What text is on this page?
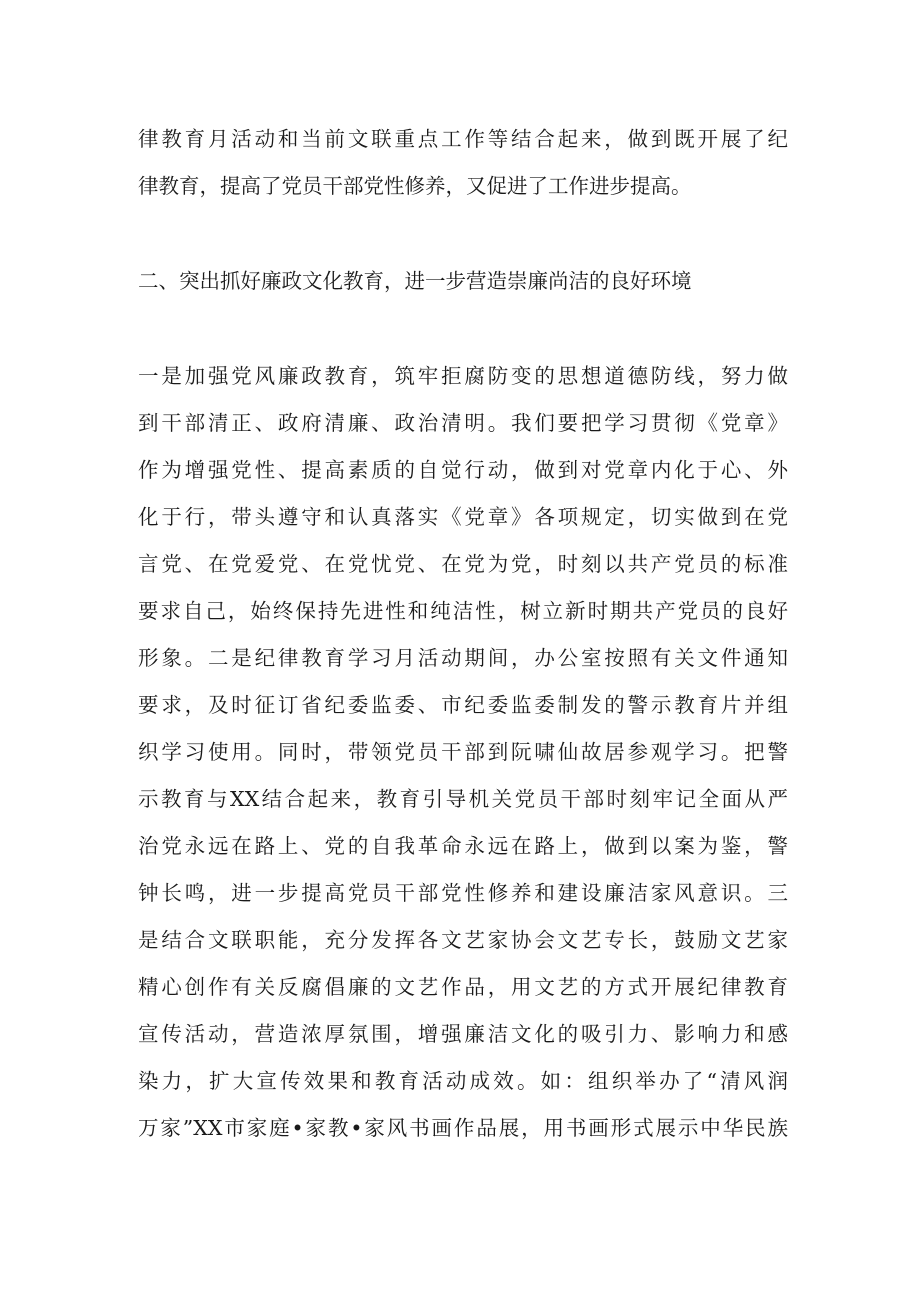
律教育月活动和当前文联重点工作等结合起来，做到既开展了纪

律教育，提高了党员干部党性修养，又促进了工作进步提高。

二、突出抓好廉政文化教育，进一步营造崇廉尚洁的良好环境

一是加强党风廉政教育，筑牢拒腐防变的思想道德防线，努力做

到干部清正、政府清廉、政治清明。我们要把学习贯彻《党章》

作为增强党性、提高素质的自觉行动，做到对党章内化于心、外

化于行，带头遵守和认真落实《党章》各项规定，切实做到在党

言党、在党爱党、在党忧党、在党为党，时刻以共产党员的标准

要求自己，始终保持先进性和纯洁性，树立新时期共产党员的良好

形象。二是纪律教育学习月活动期间，办公室按照有关文件通知

要求，及时征订省纪委监委、市纪委监委制发的警示教育片并组

织学习使用。同时，带领党员干部到阮啸仙故居参观学习。把警

示教育与XX结合起来，教育引导机关党员干部时刻牢记全面从严

治党永远在路上、党的自我革命永远在路上，做到以案为鉴，警

钟长鸣，进一步提高党员干部党性修养和建设廉洁家风意识。三

是结合文联职能，充分发挥各文艺家协会文艺专长，鼓励文艺家

精心创作有关反腐倡廉的文艺作品，用文艺的方式开展纪律教育

宣传活动，营造浓厚氛围，增强廉洁文化的吸引力、影响力和感

染力，扩大宣传效果和教育活动成效。如：组织举办了“清风润

万家”XX市家庭•家教•家风书画作品展，用书画形式展示中华民族
